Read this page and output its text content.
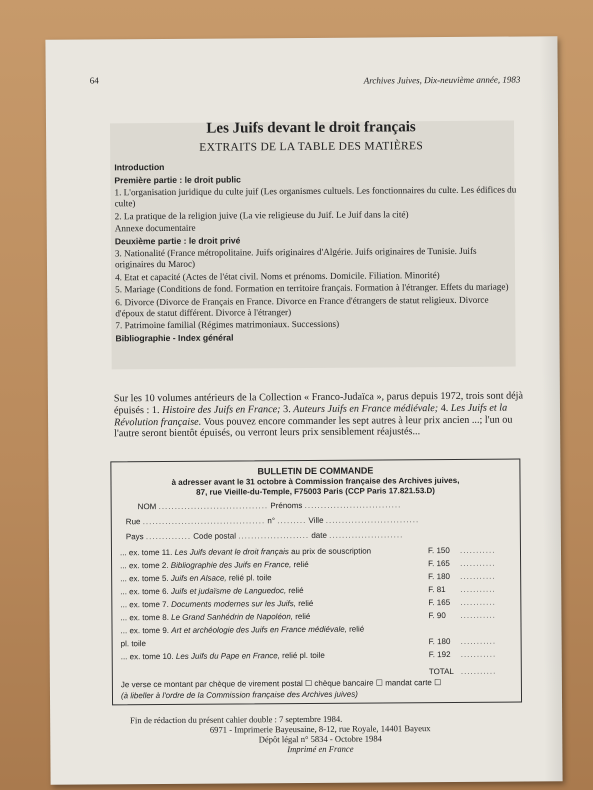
64	Archives Juives, Dix-neuvième année, 1983
Les Juifs devant le droit français
EXTRAITS DE LA TABLE DES MATIÈRES
Introduction
Première partie : le droit public
1. L'organisation juridique du culte juif (Les organismes cultuels. Les fonctionnaires du culte. Les édifices du culte)
2. La pratique de la religion juive (La vie religieuse du Juif. Le Juif dans la cité)
Annexe documentaire
Deuxième partie : le droit privé
3. Nationalité (France métropolitaine. Juifs originaires d'Algérie. Juifs originaires de Tunisie. Juifs originaires du Maroc)
4. Etat et capacité (Actes de l'état civil. Noms et prénoms. Domicile. Filiation. Minorité)
5. Mariage (Conditions de fond. Formation en territoire français. Formation à l'étranger. Effets du mariage)
6. Divorce (Divorce de Français en France. Divorce en France d'étrangers de statut religieux. Divorce d'époux de statut différent. Divorce à l'étranger)
7. Patrimoine familial (Régimes matrimoniaux. Successions)
Bibliographie - Index général
Sur les 10 volumes antérieurs de la Collection « Franco-Judaïca », parus depuis 1972, trois sont déjà épuisés : 1. Histoire des Juifs en France; 3. Auteurs Juifs en France médiévale; 4. Les Juifs et la Révolution française. Vous pouvez encore commander les sept autres à leur prix ancien ...; l'un ou l'autre seront bientôt épuisés, ou verront leurs prix sensiblement réajustés...
BULLETIN DE COMMANDE
à adresser avant le 31 octobre à Commission française des Archives juives,
87, rue Vieille-du-Temple, F75003 Paris (CCP Paris 17.821.53.D)
NOM .................................. Prénoms ..............................
Rue ...................................... n° ......... Ville .............................
Pays .............. Code postal ...................... date .......................
... ex. tome 11. Les Juifs devant le droit français au prix de souscription	F. 150 ...........
... ex. tome 2. Bibliographie des Juifs en France, relié	F. 165 ...........
... ex. tome 5. Juifs en Alsace, relié pl. toile	F. 180 ...........
... ex. tome 6. Juifs et judaïsme de Languedoc, relié	F. 81 ...........
... ex. tome 7. Documents modernes sur les Juifs, relié	F. 165 ...........
... ex. tome 8. Le Grand Sanhédrin de Napoléon, relié	F. 90 ...........
... ex. tome 9. Art et archéologie des Juifs en France médiévale, relié
pl. toile	F. 180 ...........
... ex. tome 10. Les Juifs du Pape en France, relié pl. toile	F. 192 ...........
TOTAL ...........
Je verse ce montant par chèque de virement postal ☐ chèque bancaire ☐ mandat carte ☐
(à libeller à l'ordre de la Commission française des Archives juives)
Fin de rédaction du présent cahier double : 7 septembre 1984.
6971 - Imprimerie Bayeusaine, 8-12, rue Royale, 14401 Bayeux
Dépôt légal n° 5834 - Octobre 1984
Imprimé en France
